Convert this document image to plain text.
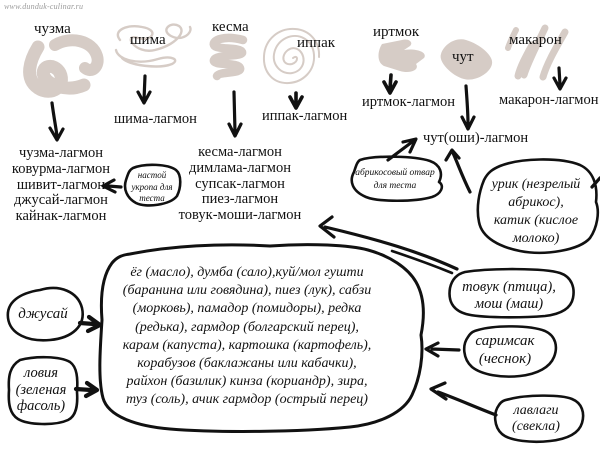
www.dunduk-culinar.ru
чузма
шима
кесма
иппак
иртмок
чут
макарон
шима-лагмон	иппак-лагмон
иртмок-лагмон	макарон-лагмон
чут(оши)-лагмон
чузма-лагмон
ковурма-лагмон
шивит-лагмон
джусай-лагмон
кайнак-лагмон
кесма-лагмон
димлама-лагмон
супсак-лагмон
пиез-лагмон
товук-моши-лагмон
настой
укропа для
теста
абрикосовый отвар
для теста	урик (незрелый
абрикос),
катик (кислое
молоко)
ёг (масло), думба (сало),куй/мол гушти
(баранина или говядина), пиез (лук), сабзи
(морковь), памадор (помидоры), редка
(редька), гармдор (болгарский перец),
карам (капуста), картошка (картофель),
корабузов (баклажаны или кабачки),
райхон (базилик) кинза (кориандр), зира,
туз (соль), ачик гармдор (острый перец)
джусай
ловия
(зеленая
фасоль)
товук (птица),
мош (маш)
саримсак
(чеснок)
лавлаги
(свекла)
